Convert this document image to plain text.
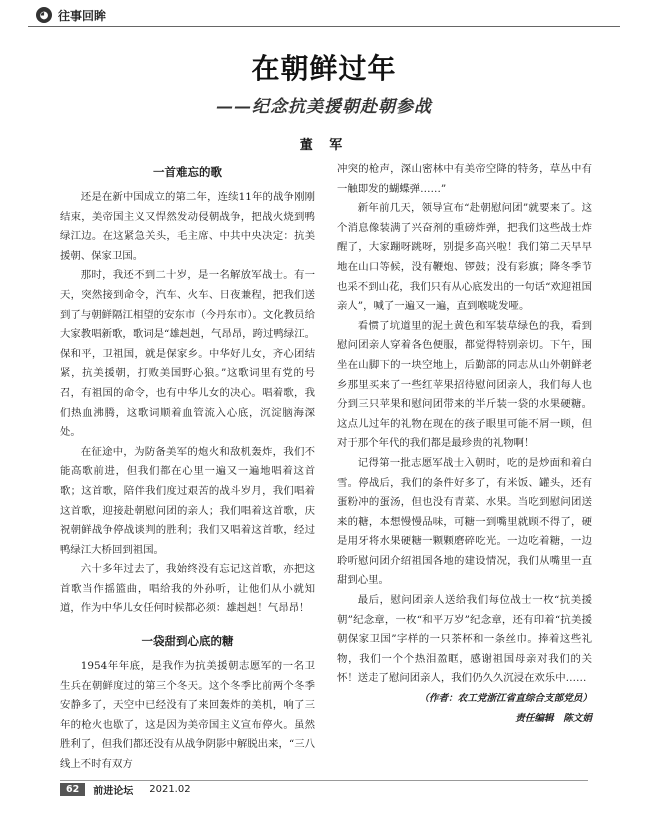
◕ 往事回眸
在朝鲜过年
——纪念抗美援朝赴朝参战
董 军
一首难忘的歌

还是在新中国成立的第二年，连续11年的战争刚刚结束，美帝国主义又悍然发动侵朝战争，把战火烧到鸭绿江边。在这紧急关头，毛主席、中共中央决定：抗美援朝、保家卫国。

那时，我还不到二十岁，是一名解放军战士。有一天，突然接到命令，汽车、火车、日夜兼程，把我们送到了与朝鲜隔江相望的安东市（今丹东市）。文化教员给大家教唱新歌，歌词是“雄赳赳，气昂昂，跨过鸭绿江。保和平，卫祖国，就是保家乡。中华好儿女，齐心团结紧，抗美援朝，打败美国野心狼。”这歌词里有党的号召，有祖国的命令，也有中华儿女的决心。唱着歌，我们热血沸腾，这歌词顺着血管流入心底，沉淀脑海深处。

在征途中，为防备美军的炮火和敌机轰炸，我们不能高歌前进，但我们都在心里一遍又一遍地唱着这首歌；这首歌，陪伴我们度过艰苦的战斗岁月，我们唱着这首歌，迎接赴朝慰问团的亲人；我们唱着这首歌，庆祝朝鲜战争停战谈判的胜利；我们又唱着这首歌，经过鸭绿江大桥回到祖国。

六十多年过去了，我始终没有忘记这首歌，亦把这首歌当作摇篮曲，唱给我的外孙听，让他们从小就知道，作为中华儿女任何时候都必须：雄赳赳！气昂昂！

一袋甜到心底的糖

1954年年底，是我作为抗美援朝志愿军的一名卫生兵在朝鲜度过的第三个冬天。这个冬季比前两个冬季安静多了，天空中已经没有了来回轰炸的美机，响了三年的枪火也歇了，这是因为美帝国主义宣布停火。虽然胜利了，但我们都还没有从战争阴影中解脱出来，“三八线上不时有双方

冲突的枪声，深山密林中有美帝空降的特务，草丛中有一触即发的蝴蝶弹……”

新年前几天，领导宣布“赴朝慰问团”就要来了。这个消息像装满了兴奋剂的重磅炸弹，把我们这些战士炸醒了，大家蹦呀跳呀，别提多高兴啦！我们第二天早早地在山口等候，没有鞭炮、锣鼓；没有彩旗；降冬季节也采不到山花，我们只有从心底发出的一句话“欢迎祖国亲人”，喊了一遍又一遍，直到喉咙发哑。

看惯了坑道里的泥土黄色和军装草绿色的我，看到慰问团亲人穿着各色便服，都觉得特别亲切。下午，围坐在山脚下的一块空地上，后勤部的同志从山外朝鲜老乡那里买来了一些红苹果招待慰问团亲人，我们每人也分到三只苹果和慰问团带来的半斤装一袋的水果硬糖。这点儿过年的礼物在现在的孩子眼里可能不屑一顾，但对于那个年代的我们都是最珍贵的礼物啊！

记得第一批志愿军战士入朝时，吃的是炒面和着白雪。停战后，我们的条件好多了，有米饭、罐头，还有蛋粉冲的蛋汤，但也没有青菜、水果。当吃到慰问团送来的糖，本想慢慢品味，可糖一到嘴里就顾不得了，硬是用牙将水果硬糖一颗颗磨碎吃光。一边吃着糖，一边聆听慰问团介绍祖国各地的建设情况，我们从嘴里一直甜到心里。

最后，慰问团亲人送给我们每位战士一枚“抗美援朝”纪念章，一枚“和平万岁”纪念章，还有印着“抗美援朝保家卫国”字样的一只茶杯和一条丝巾。捧着这些礼物，我们一个个热泪盈眶，感谢祖国母亲对我们的关怀！送走了慰问团亲人，我们仍久久沉浸在欢乐中……

（作者：农工党浙江省直综合支部党员）
责任编辑　陈文娟
62	前进论坛 2021.02
